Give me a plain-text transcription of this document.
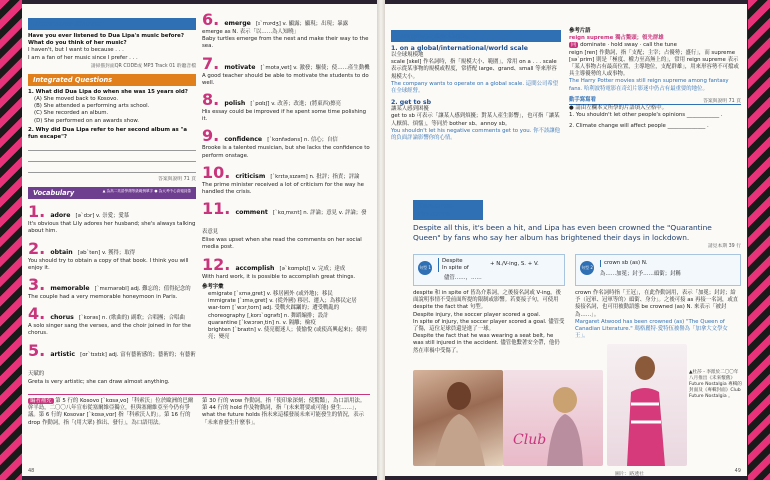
Discussion Starter
Have you ever listened to Dua Lipa's music before? What do you think of her music?
I haven't, but I want to because . . .
I am a fan of her music since I prefer . . .
請掃描封面QR CODE或 MP3 Track 01 聆聽音檔
Integrated Questions
1. What did Dua Lipa do when she was 15 years old?
(A) She moved back to Kosovo.
(B) She attended a performing arts school.
(C) She recorded an album.
(D) She performed on an awards show.
2. Why did Dua Lipa refer to her second album as "a fun escape"?
答案與說明 71 頁
Vocabulary	▲ 為高二英語學測等級範例單字 ● 為大考中心高頻詞彙
1. adore [əˋdɔr] v. 崇愛；愛慕
It's obvious that Lily adores her husband; she's always talking about him.
2. obtain [əbˋten] v. 獲得；取得
You should try to obtain a copy of that book. I think you will enjoy it.
3. memorable [ˋmɛmərəbl] adj. 難忘的；值得紀念的
The couple had a very memorable honeymoon in Paris.
4. chorus [ˋkorəs] n. (歌曲的) 副歌；合唱團；合唱曲
A solo singer sang the verses, and the choir joined in for the chorus.
5. artistic [ɑrˋtɪstɪk] adj. 富有藝術感的；藝術的；有藝術天賦的
Greta is very artistic; she can draw almost anything.
6. emerge [ɪˋmɝdʒ] v. 顯露；顯現；出現；暴露
emerge as N. 表示「以……為人知曉」
Baby turtles emerge from the nest and make their way to the sea.
7. motivate [ˋmotə͵vet] v. 激發；驅使；使……產生動機
A good teacher should be able to motivate the students to do well.
8. polish [ˋpɑlɪʃ] v. 改善；改進；(將東西)擦亮
His essay could be improved if he spent some time polishing it.
9. confidence [ˋkɑnfədəns] n. 信心；自信
Brooke is a talented musician, but she lacks the confidence to perform onstage.
10. criticism [ˋkrɪtə͵sɪzəm] n. 批評；指責；評論
The prime minister received a lot of criticism for the way he handled the crisis.
11. comment [ˋkɑ͵mɛnt] n. 評論；意見 v. 評論；發表意見
Elise was upset when she read the comments on her social media post.
12. accomplish [əˋkɑmplɪʃ] v. 完成；達成
With hard work, it is possible to accomplish great things.
參考字彙
emigrate [ˋɛmə͵gret] v. 移居國外 (或外地)；移民
immigrate [ˋɪmə͵gret] v. (從外國) 移居、遷入；為移民定居
war-torn [ˋwɔr͵torn] adj. 受戰火蹂躪的；遭受戰亂的
choreography [͵korɪˋɑgrəfɪ] n. 舞蹈編排；設計
quarantine [ˋkwɔrən͵tin] n. v. 隔離；檢疫
brighten [ˋbraɪtn] v. 使亮麗迷人；使愉悅 (或使高興起來)；使明亮；變亮
編者補充 第 5 行的 Kosovo [ˋkɑsə͵vo]「科索沃」位於歐洲的巴爾幹半島，二〇〇八年宣布從塞爾維亞獨立，但與塞爾維亞至今仍有爭議。第 6 行的 Kosovar [ˋkɑsə͵vɑr] 指「科索沃人的」。第 16 行的 drop 作動詞，指「(用大眾) 推出、發行」，為口語用法。
第 30 行的 wow 作動詞，指「使印象深刻；使驚豔」，為口語用法。第 44 行的 hold 作及物動詞，指「(未來將要或可能) 發生……」，what the future holds 指未來這樣發展未來可能發生的情況，表示「未來會發生什麼事」。
48
Language Spotlight
1. on a global/international/world scale
以全球規模地
scale [skel] 作名詞時，指「規模大小、範圍」，常用 on a . . . scale 表示從某事物的規模或程度，常搭配 large、grand、small 等來形容規模大小。
The company wants to operate on a global scale. 這間公司希望在全球經營。
2. get to sb
讓某人感到困擾
get to sb 可表示「讓某人感到煩擾；對某人產生影響」，也可指「讓某人厭煩、煩惱」，等同於 bother sb、annoy sb。
You shouldn't let his negative comments get to you. 你不該讓他的負面評論影響你的心情。
參考片語
reign supreme 獨占鰲頭；領先群雄
同 dominate · hold sway · call the tune
reign [ren] 作動詞，指「支配；主宰；占優勢；盛行」，而 supreme [səˋprim] 則是「極度、權力至高無上的」，常用 reign supreme 表示「某人事物占有最高位置，主導地位，支配群雄」，用來形容勢不可擋或具主導優勢的人或事物。
The Harry Potter movies still reign supreme among fantasy fans. 哈利波特電影在奇幻片影迷中仍占有最重要的地位。
動手寫寫看	答案與說明 71 頁
● 請由左欄本文所學的片語填入空格中。
1. You shouldn't let other people's opinions ____________ .
2. Climate change will affect people ______________ .
Sentence Patterns
Despite all this, it's been a hit, and Lipa has even been crowned the "Quarantine Queen" by fans who say her album has brightened their days in lockdown.
請見本期 39 行
句型 1
Despite
In spite of
+ N./V-ing, S. + V.
儘管……，……
句型 2
crown sb (as) N.
為……加冕；封予……頭銜；封稱
despite 和 in spite of 皆為介系詞，之後接名詞或 V-ing，後面說明事情不受前面所提的限制或影響。若要接子句，可使用 despite the fact that 句型。
Despite injury, the soccer player scored a goal.
In spite of injury, the soccer player scored a goal. 儘管受了傷，這位足球員還是進了一球。
Despite the fact that he was wearing a seat belt, he was still injured in the accident. 儘管他繫著安全帶，他仍然在車禍中受傷了。
crown 作名詞時指「王冠」，在此作動詞用，表示「加冕；封封；給予（冠軍、冠軍等的）頭銜、身分」。之後可接 as 再接一名詞，或直接接名詞，也可用被動語態 be crowned (as) N. 來表示「被封為……」。
Margaret Atwood has been crowned (as) "The Queen of Canadian Literature." 瑪格麗特‧愛特伍被譽為「加拿大文學女王」。
Club
▲杜莎・李派於二〇〇年八月推出《未來懷舊》Future Nostalgia 專輯的封面及《專輯封面》Club Future Nostalgia 。
圖片：路透社
49
